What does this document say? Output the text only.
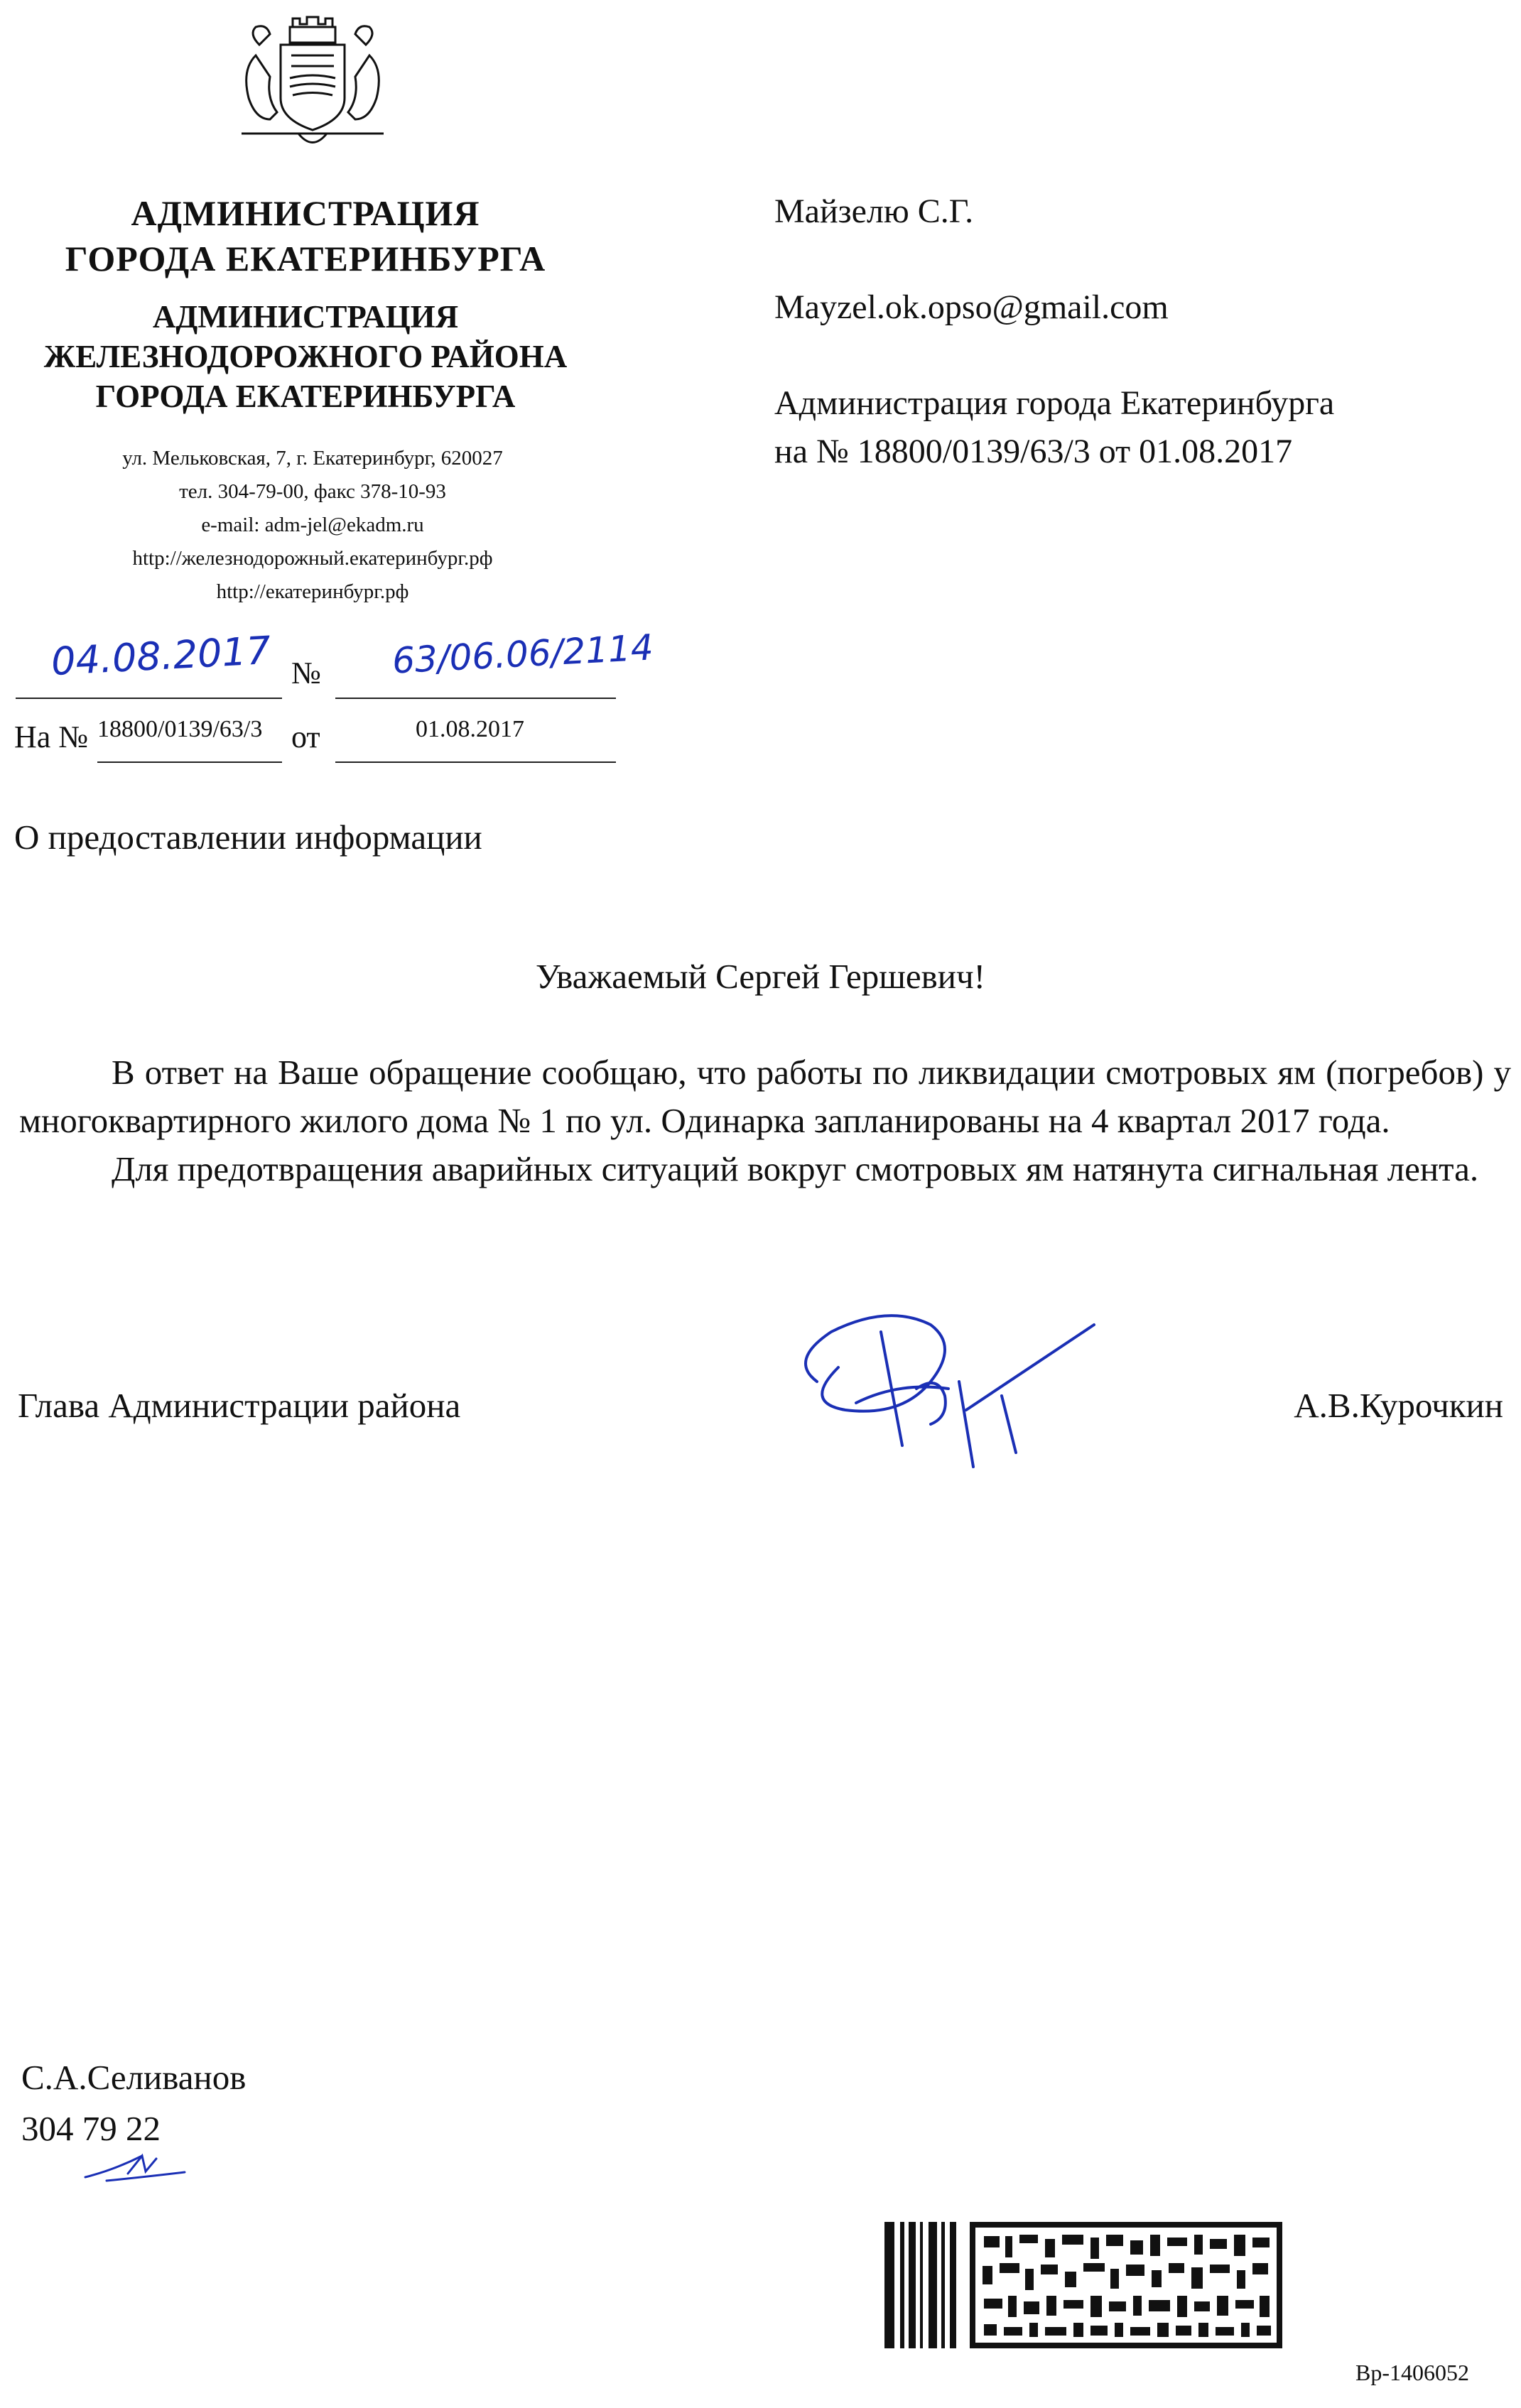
АДМИНИСТРАЦИЯ
ГОРОДА ЕКАТЕРИНБУРГА
АДМИНИСТРАЦИЯ
ЖЕЛЕЗНОДОРОЖНОГО РАЙОНА
ГОРОДА ЕКАТЕРИНБУРГА
ул. Мельковская, 7, г. Екатеринбург, 620027
тел. 304-79-00, факс 378-10-93
e-mail: adm-jel@ekadm.ru
http://железнодорожный.екатеринбург.рф
http://екатеринбург.рф
04.08.2017 № 63/06.06/2114
На № 18800/0139/63/3 от	01.08.2017
Майзелю С.Г.
Mayzel.ok.opso@gmail.com
Администрация города Екатеринбурга
на № 18800/0139/63/3 от 01.08.2017
О предоставлении информации
Уважаемый Сергей Гершевич!

В ответ на Ваше обращение сообщаю, что работы по ликвидации смотровых ям (погребов) у многоквартирного жилого дома № 1 по ул. Одинарка запланированы на 4 квартал 2017 года.

Для предотвращения аварийных ситуаций вокруг смотровых ям натянута сигнальная лента.

Глава Администрации района	А.В.Курочкин
С.А.Селиванов
304 79 22
Вр-1406052
